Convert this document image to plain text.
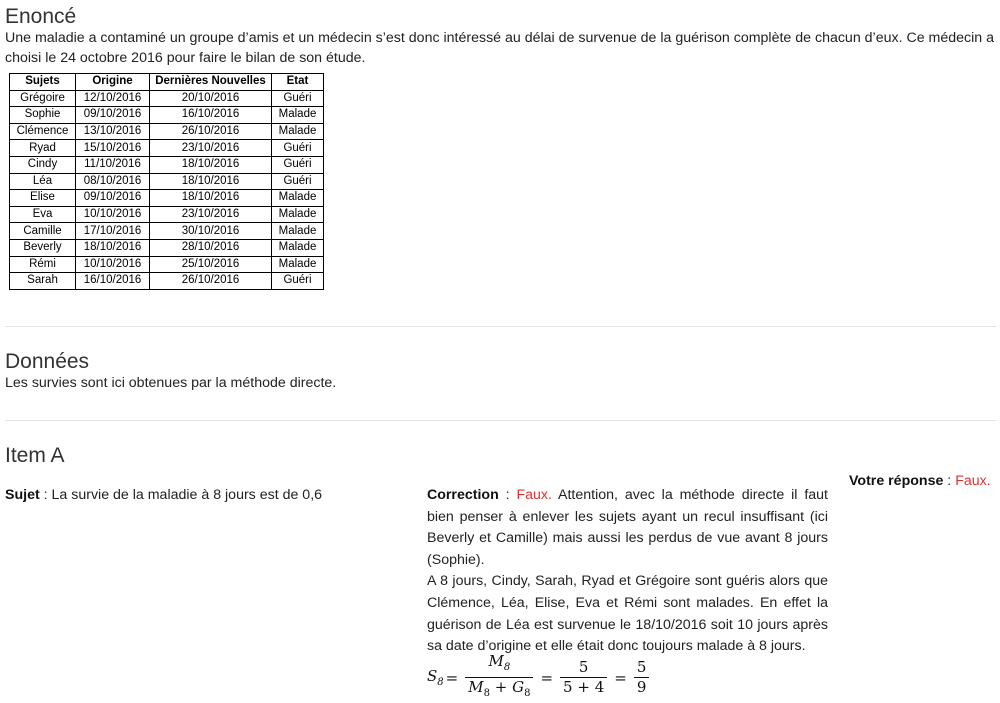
Enoncé

Une maladie a contaminé un groupe d’amis et un médecin s’est donc intéressé au délai de survenue de la guérison complète de chacun d’eux. Ce médecin a choisi le 24 octobre 2016 pour faire le bilan de son étude.

Sujets	Origine	Dernières Nouvelles	Etat
Grégoire	12/10/2016	20/10/2016	Guéri
Sophie	09/10/2016	16/10/2016	Malade
Clémence	13/10/2016	26/10/2016	Malade
Ryad	15/10/2016	23/10/2016	Guéri
Cindy	11/10/2016	18/10/2016	Guéri
Léa	08/10/2016	18/10/2016	Guéri
Elise	09/10/2016	18/10/2016	Malade
Eva	10/10/2016	23/10/2016	Malade
Camille	17/10/2016	30/10/2016	Malade
Beverly	18/10/2016	28/10/2016	Malade
Rémi	10/10/2016	25/10/2016	Malade
Sarah	16/10/2016	26/10/2016	Guéri
Données

Les survies sont ici obtenues par la méthode directe.

Item A

Sujet : La survie de la maladie à 8 jours est de 0,6

Votre réponse : Faux.

Correction : Faux. Attention, avec la méthode directe il faut bien penser à enlever les sujets ayant un recul insuffisant (ici Beverly et Camille) mais aussi les perdus de vue avant 8 jours (Sophie).

A 8 jours, Cindy, Sarah, Ryad et Grégoire sont guéris alors que Clémence, Léa, Elise, Eva et Rémi sont malades. En effet la guérison de Léa est survenue le 18/10/2016 soit 10 jours après sa date d’origine et elle était donc toujours malade à 8 jours.

$S_8 = \frac{M_8}{M_8 + G_8} = \frac{5}{5 + 4} = \frac{5}{9}$
